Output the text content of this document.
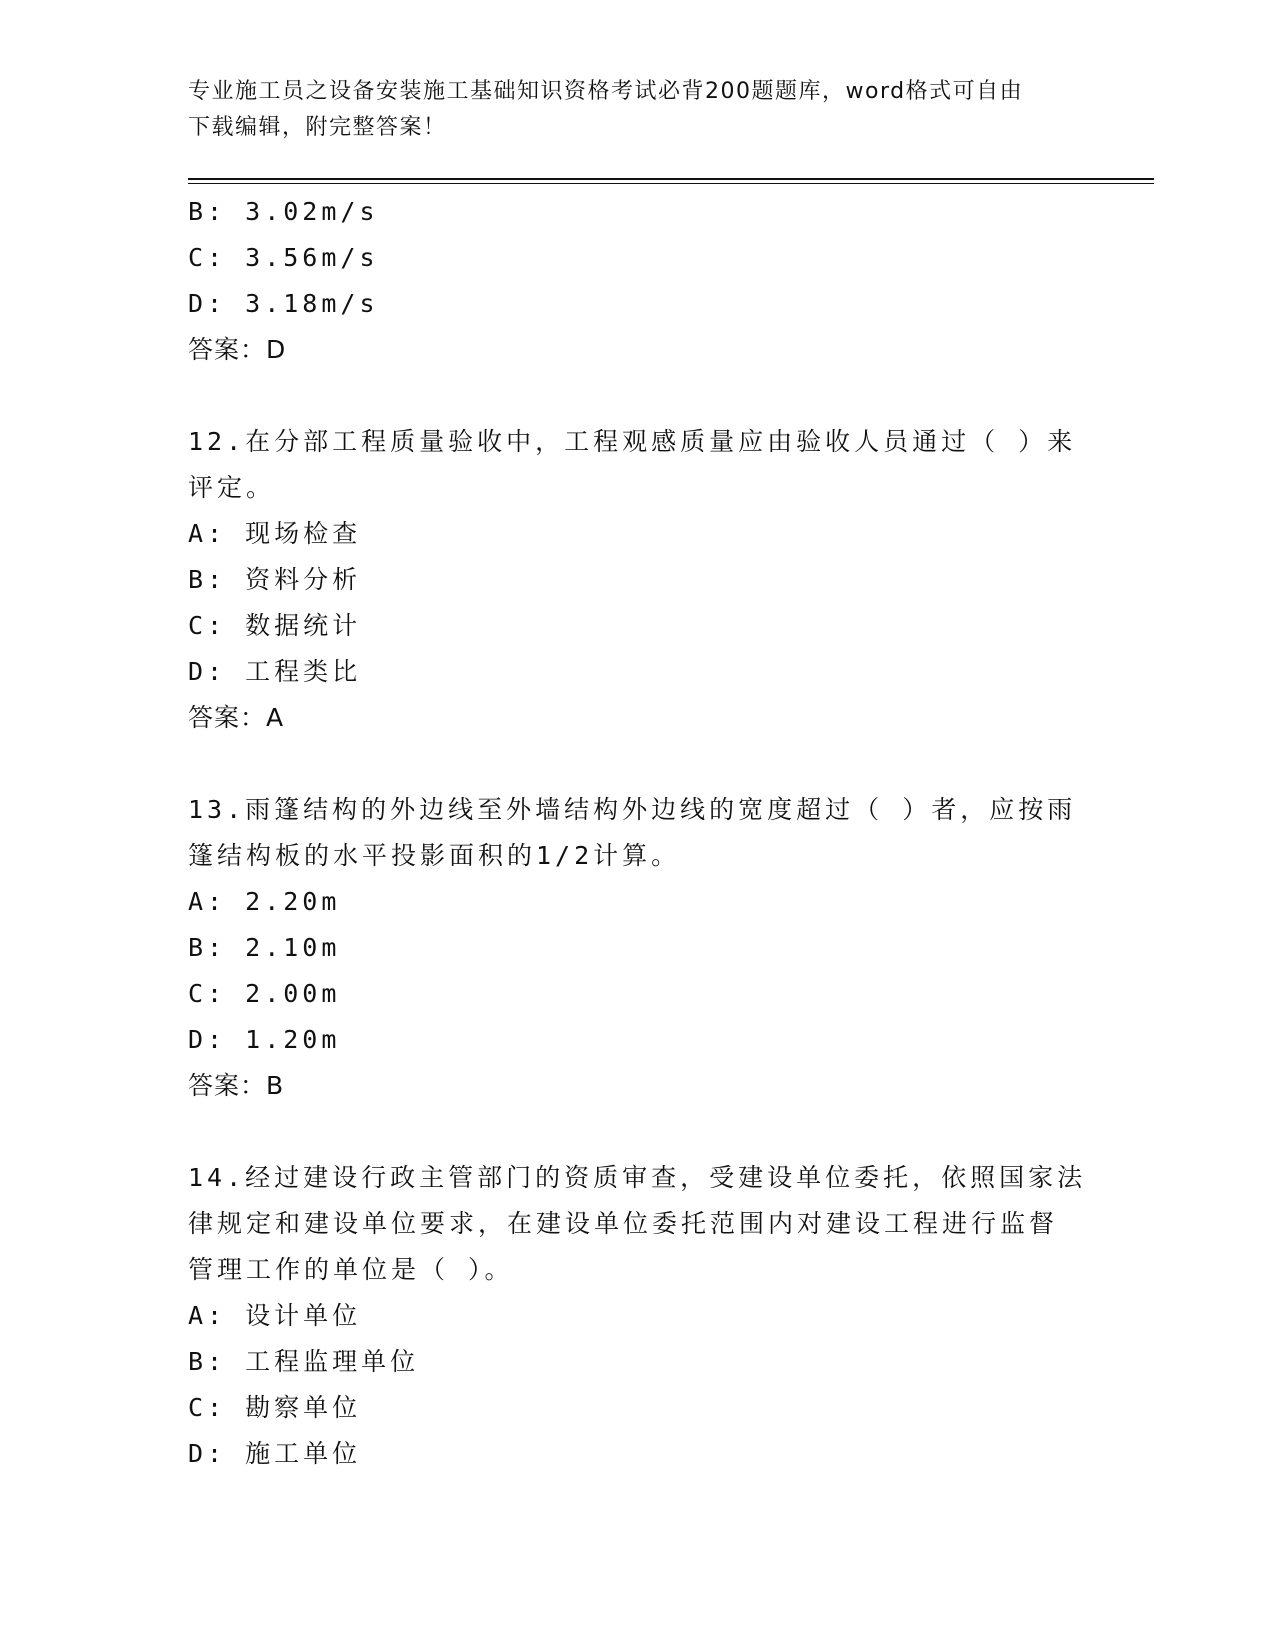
专业施工员之设备安装施工基础知识资格考试必背200题题库，word格式可自由
下载编辑，附完整答案！
B: 3.02m/s
C: 3.56m/s
D: 3.18m/s
答案：D
12.在分部工程质量验收中，工程观感质量应由验收人员通过（ ）来
评定。
A: 现场检查
B: 资料分析
C: 数据统计
D: 工程类比
答案：A
13.雨篷结构的外边线至外墙结构外边线的宽度超过（ ）者，应按雨
篷结构板的水平投影面积的1/2计算。
A: 2.20m
B: 2.10m
C: 2.00m
D: 1.20m
答案：B
14.经过建设行政主管部门的资质审查，受建设单位委托，依照国家法
律规定和建设单位要求，在建设单位委托范围内对建设工程进行监督
管理工作的单位是（ ）。
A: 设计单位
B: 工程监理单位
C: 勘察单位
D: 施工单位
